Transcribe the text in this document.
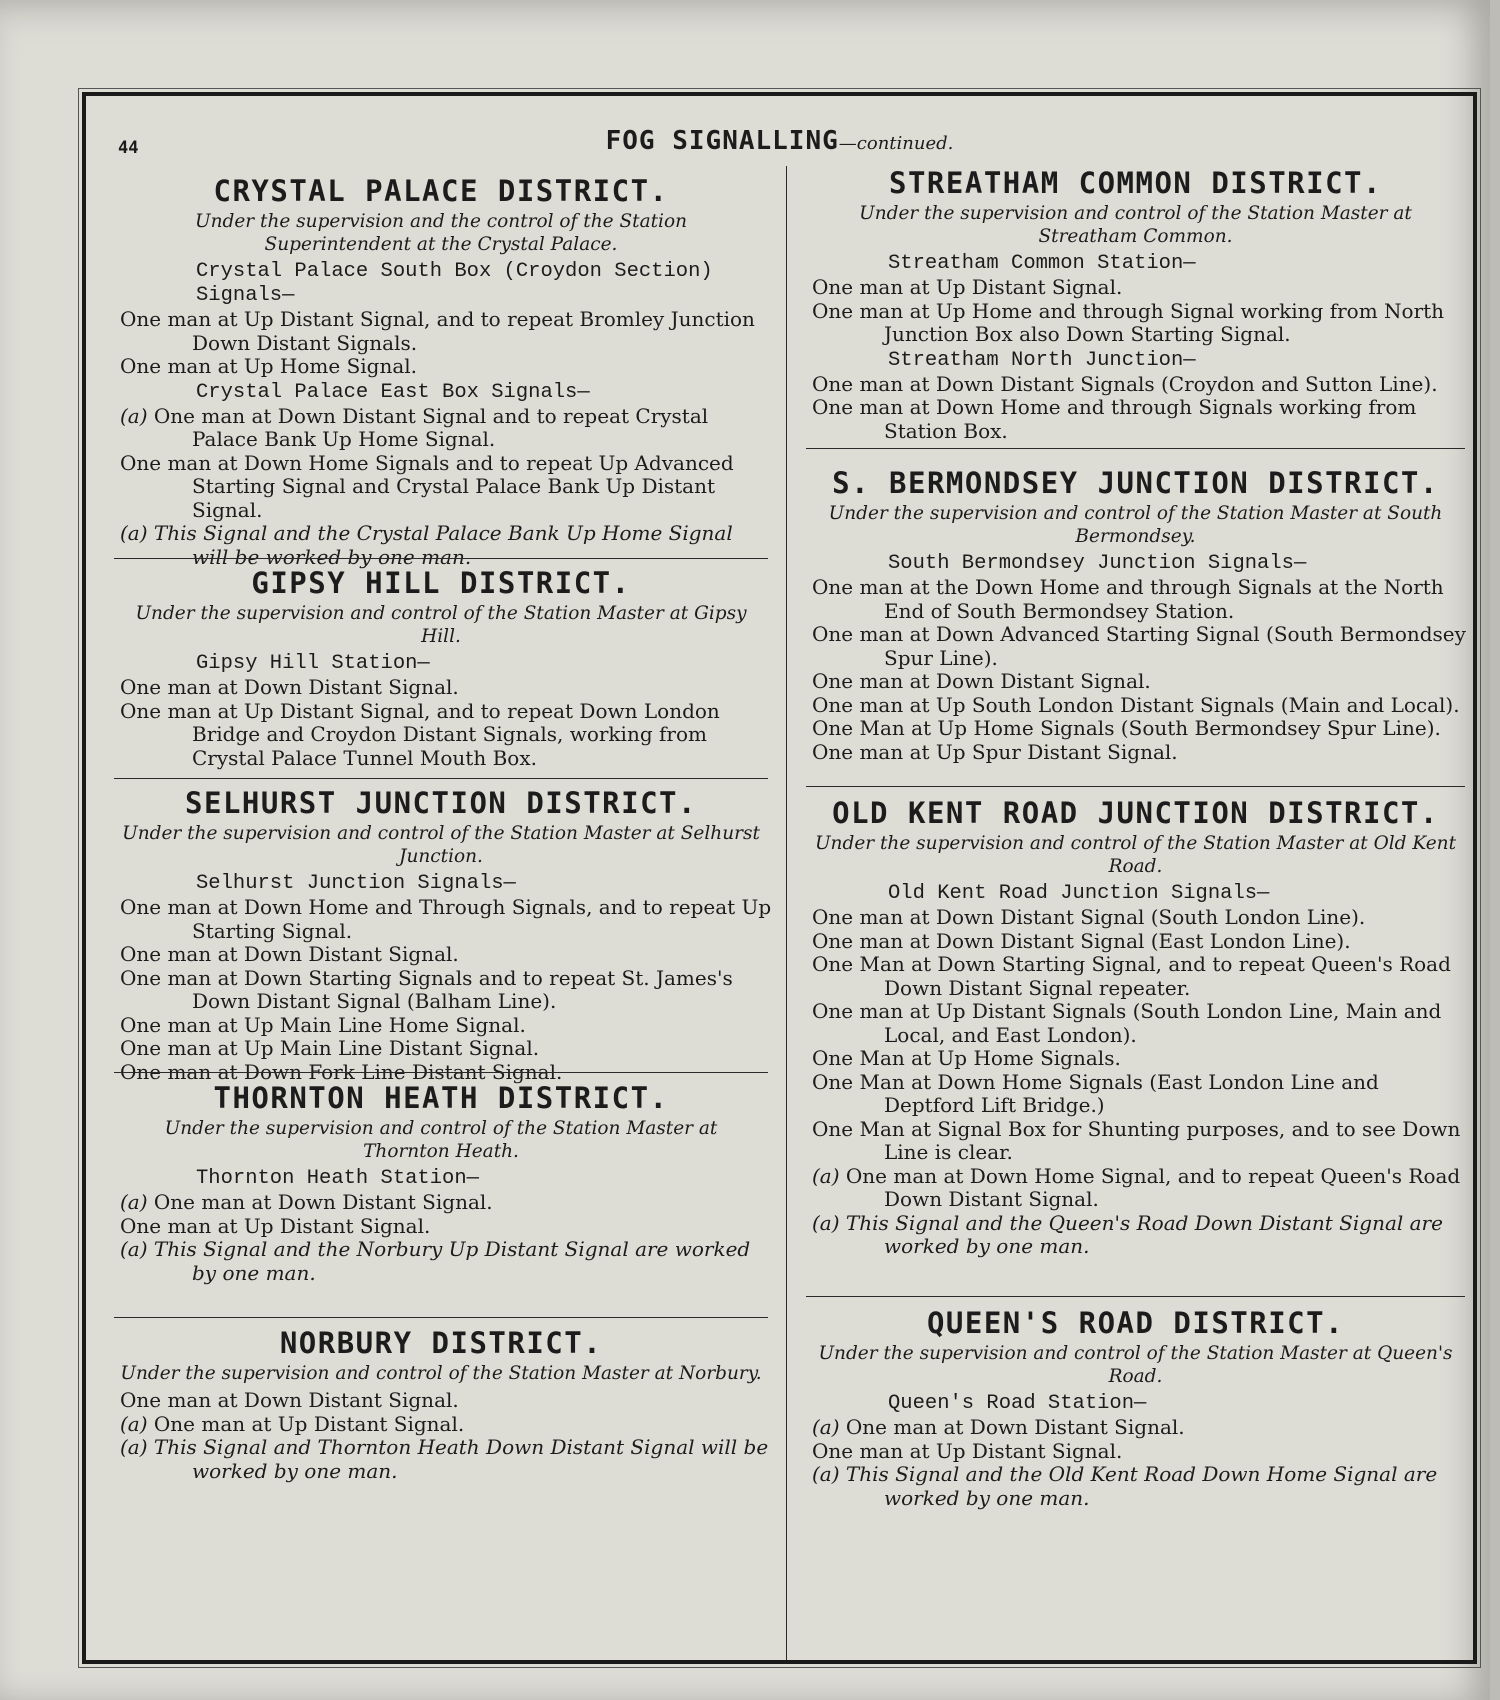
44	FOG SIGNALLING—continued.
CRYSTAL PALACE DISTRICT.
Under the supervision and the control of the Station Superintendent at the Crystal Palace.
Crystal Palace South Box (Croydon Section) Signals—

One man at Up Distant Signal, and to repeat Bromley Junction Down Distant Signals.

One man at Up Home Signal.

Crystal Palace East Box Signals—

(a) One man at Down Distant Signal and to repeat Crystal Palace Bank Up Home Signal.

One man at Down Home Signals and to repeat Up Advanced Starting Signal and Crystal Palace Bank Up Distant Signal.

(a) This Signal and the Crystal Palace Bank Up Home Signal will be worked by one man.

GIPSY HILL DISTRICT.
Under the supervision and control of the Station Master at Gipsy Hill.
Gipsy Hill Station—

One man at Down Distant Signal.

One man at Up Distant Signal, and to repeat Down London Bridge and Croydon Distant Signals, working from Crystal Palace Tunnel Mouth Box.

SELHURST JUNCTION DISTRICT.
Under the supervision and control of the Station Master at Selhurst Junction.
Selhurst Junction Signals—

One man at Down Home and Through Signals, and to repeat Up Starting Signal.

One man at Down Distant Signal.

One man at Down Starting Signals and to repeat St. James's Down Distant Signal (Balham Line).

One man at Up Main Line Home Signal.

One man at Up Main Line Distant Signal.

One man at Down Fork Line Distant Signal.

THORNTON HEATH DISTRICT.
Under the supervision and control of the Station Master at Thornton Heath.
Thornton Heath Station—

(a) One man at Down Distant Signal.

One man at Up Distant Signal.

(a) This Signal and the Norbury Up Distant Signal are worked by one man.

NORBURY DISTRICT.
Under the supervision and control of the Station Master at Norbury.

One man at Down Distant Signal.

(a) One man at Up Distant Signal.

(a) This Signal and Thornton Heath Down Distant Signal will be worked by one man.

STREATHAM COMMON DISTRICT.
Under the supervision and control of the Station Master at Streatham Common.
Streatham Common Station—

One man at Up Distant Signal.

One man at Up Home and through Signal working from North Junction Box also Down Starting Signal.

Streatham North Junction—

One man at Down Distant Signals (Croydon and Sutton Line).

One man at Down Home and through Signals working from Station Box.

S. BERMONDSEY JUNCTION DISTRICT.
Under the supervision and control of the Station Master at South Bermondsey.
South Bermondsey Junction Signals—

One man at the Down Home and through Signals at the North End of South Bermondsey Station.

One man at Down Advanced Starting Signal (South Bermondsey Spur Line).

One man at Down Distant Signal.

One man at Up South London Distant Signals (Main and Local).

One Man at Up Home Signals (South Bermondsey Spur Line).

One man at Up Spur Distant Signal.

OLD KENT ROAD JUNCTION DISTRICT.
Under the supervision and control of the Station Master at Old Kent Road.
Old Kent Road Junction Signals—

One man at Down Distant Signal (South London Line).

One man at Down Distant Signal (East London Line).

One Man at Down Starting Signal, and to repeat Queen's Road Down Distant Signal repeater.

One man at Up Distant Signals (South London Line, Main and Local, and East London).

One Man at Up Home Signals.

One Man at Down Home Signals (East London Line and Deptford Lift Bridge.)

One Man at Signal Box for Shunting purposes, and to see Down Line is clear.

(a) One man at Down Home Signal, and to repeat Queen's Road Down Distant Signal.

(a) This Signal and the Queen's Road Down Distant Signal are worked by one man.

QUEEN'S ROAD DISTRICT.
Under the supervision and control of the Station Master at Queen's Road.
Queen's Road Station—

(a) One man at Down Distant Signal.

One man at Up Distant Signal.

(a) This Signal and the Old Kent Road Down Home Signal are worked by one man.
